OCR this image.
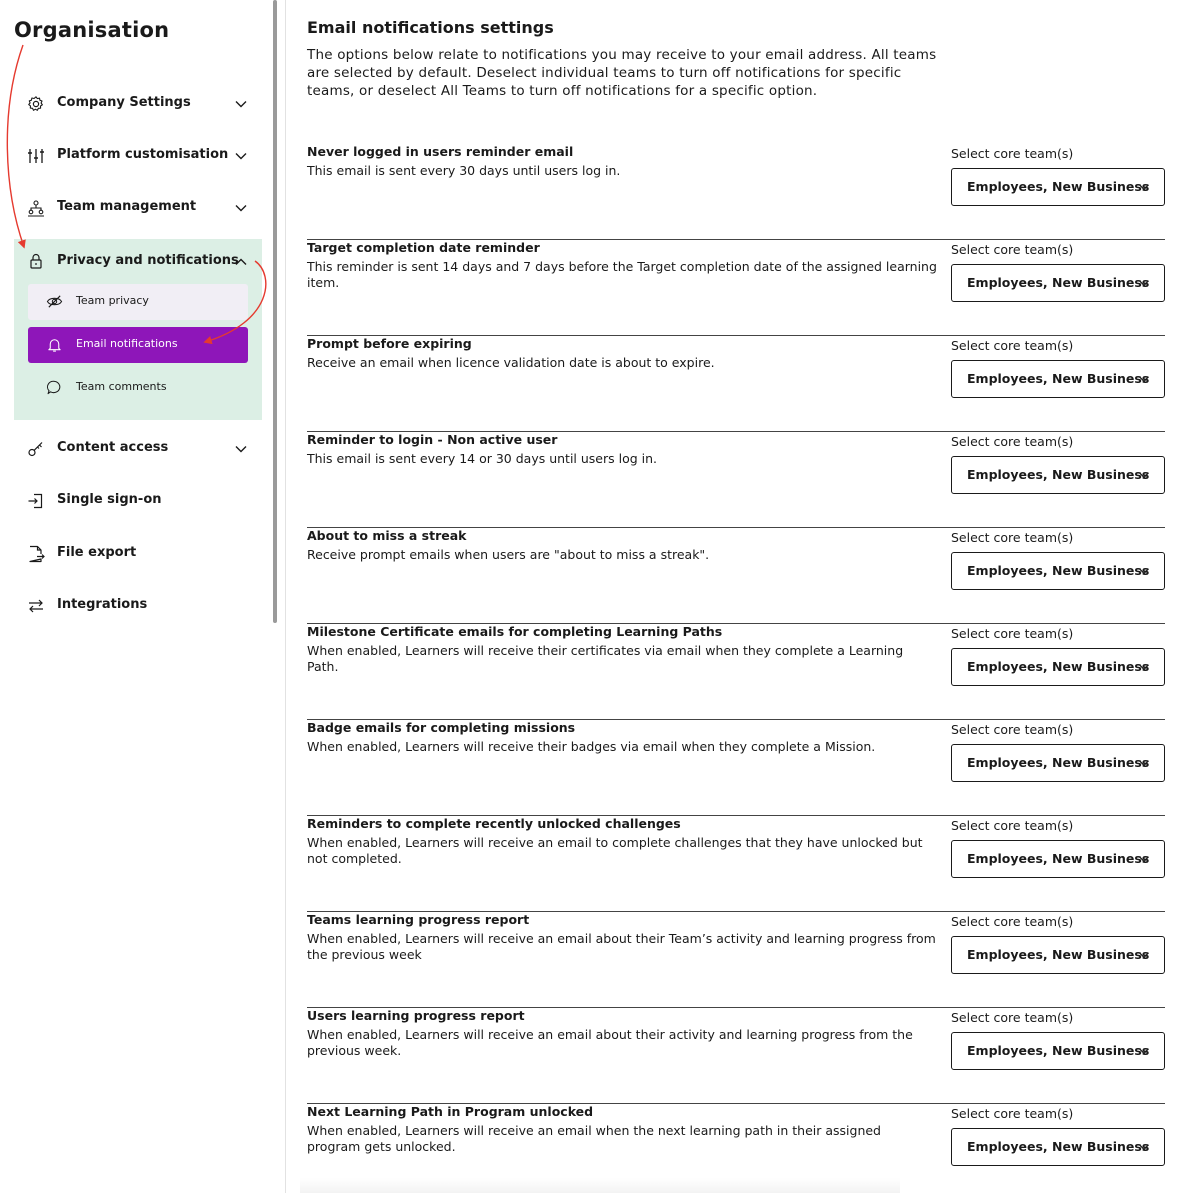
Organisation
Company Settings
Platform customisation
Team management
Privacy and notifications
Team privacy
Email notifications
Team comments
Content access
Single sign-on
File export
Integrations
Email notifications settings
The options below relate to notifications you may receive to your email address. All teams are selected by default. Deselect individual teams to turn off notifications for specific teams, or deselect All Teams to turn off notifications for a specific option.
Never logged in users reminder email
This email is sent every 30 days until users log in.
Select core team(s)
Employees, New Business
Target completion date reminder
This reminder is sent 14 days and 7 days before the Target completion date of the assigned learning item.
Select core team(s)
Employees, New Business
Prompt before expiring
Receive an email when licence validation date is about to expire.
Select core team(s)
Employees, New Business
Reminder to login - Non active user
This email is sent every 14 or 30 days until users log in.
Select core team(s)
Employees, New Business
About to miss a streak
Receive prompt emails when users are "about to miss a streak".
Select core team(s)
Employees, New Business
Milestone Certificate emails for completing Learning Paths
When enabled, Learners will receive their certificates via email when they complete a Learning Path.
Select core team(s)
Employees, New Business
Badge emails for completing missions
When enabled, Learners will receive their badges via email when they complete a Mission.
Select core team(s)
Employees, New Business
Reminders to complete recently unlocked challenges
When enabled, Learners will receive an email to complete challenges that they have unlocked but not completed.
Select core team(s)
Employees, New Business
Teams learning progress report
When enabled, Learners will receive an email about their Team’s activity and learning progress from the previous week
Select core team(s)
Employees, New Business
Users learning progress report
When enabled, Learners will receive an email about their activity and learning progress from the previous week.
Select core team(s)
Employees, New Business
Next Learning Path in Program unlocked
When enabled, Learners will receive an email when the next learning path in their assigned program gets unlocked.
Select core team(s)
Employees, New Business
